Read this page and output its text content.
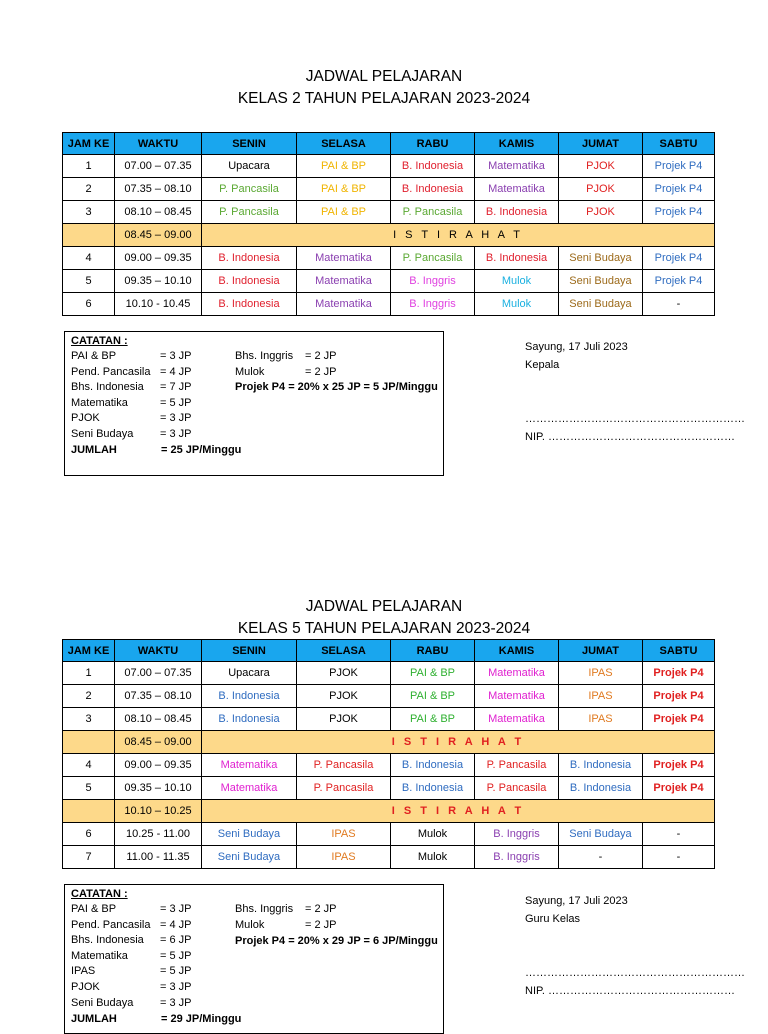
JADWAL PELAJARAN
KELAS 2 TAHUN PELAJARAN 2023-2024
JAM KE	WAKTU	SENIN	SELASA	RABU	KAMIS	JUMAT	SABTU
1	07.00 – 07.35	Upacara	PAI & BP	B. Indonesia	Matematika	PJOK	Projek P4
2	07.35 – 08.10	P. Pancasila	PAI & BP	B. Indonesia	Matematika	PJOK	Projek P4
3	08.10 – 08.45	P. Pancasila	PAI & BP	P. Pancasila	B. Indonesia	PJOK	Projek P4
	08.45 – 09.00	I S T I R A H A T					
4	09.00 – 09.35	B. Indonesia	Matematika	P. Pancasila	B. Indonesia	Seni Budaya	Projek P4
5	09.35 – 10.10	B. Indonesia	Matematika	B. Inggris	Mulok	Seni Budaya	Projek P4
6	10.10 - 10.45	B. Indonesia	Matematika	B. Inggris	Mulok	Seni Budaya	-
CATATAN :
PAI & BP	= 3 JP
Pend. Pancasila = 4 JP
Bhs. Indonesia = 7 JP
Matematika	= 5 JP
PJOK	= 3 JP
Seni Budaya = 3 JP
JUMLAH	= 25 JP/Minggu
Bhs. Inggris = 2 JP
Mulok	= 2 JP
Projek P4 = 20% x 25 JP = 5 JP/Minggu
Sayung, 17 Juli 2023
Kepala
……………………………………………………
NIP. ……………………………………………
JADWAL PELAJARAN
KELAS 5 TAHUN PELAJARAN 2023-2024
JAM KE	WAKTU	SENIN	SELASA	RABU	KAMIS	JUMAT	SABTU
1	07.00 – 07.35	Upacara	PJOK	PAI & BP	Matematika	IPAS	Projek P4
2	07.35 – 08.10	B. Indonesia	PJOK	PAI & BP	Matematika	IPAS	Projek P4
3	08.10 – 08.45	B. Indonesia	PJOK	PAI & BP	Matematika	IPAS	Projek P4
	08.45 – 09.00	I S T I R A H A T					
4	09.00 – 09.35	Matematika	P. Pancasila	B. Indonesia	P. Pancasila	B. Indonesia	Projek P4
5	09.35 – 10.10	Matematika	P. Pancasila	B. Indonesia	P. Pancasila	B. Indonesia	Projek P4
	10.10 – 10.25	I S T I R A H A T					
6	10.25 - 11.00	Seni Budaya	IPAS	Mulok	B. Inggris	Seni Budaya	-
7	11.00 - 11.35	Seni Budaya	IPAS	Mulok	B. Inggris	-	-
CATATAN :
PAI & BP	= 3 JP
Pend. Pancasila = 4 JP
Bhs. Indonesia = 6 JP
Matematika	= 5 JP
IPAS	= 5 JP
PJOK	= 3 JP
Seni Budaya = 3 JP
JUMLAH	= 29 JP/Minggu
Bhs. Inggris = 2 JP
Mulok	= 2 JP
Projek P4 = 20% x 29 JP = 6 JP/Minggu
Sayung, 17 Juli 2023
Guru Kelas
……………………………………………………
NIP. ……………………………………………
